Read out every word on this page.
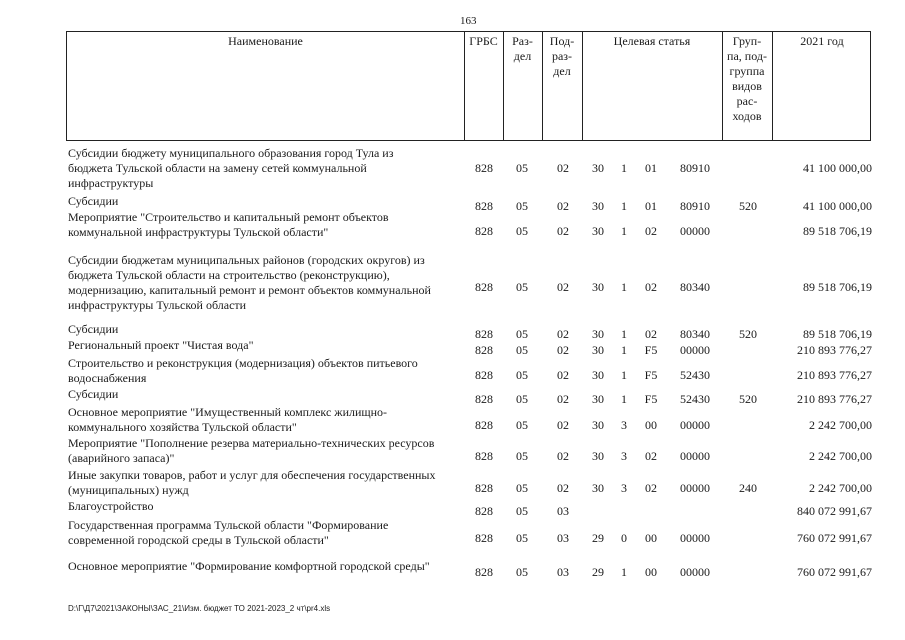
163
Наименование	ГРБС	Раз-
дел
Под-
раз-
дел
Целевая статья	Груп-
па, под-
группа
видов
рас-
ходов
2021 год
Субсидии бюджету муниципального образования город Тула из
бюджета Тульской области на замену сетей коммунальной
инфраструктуры
828	05	02	30	1	01	80910	41 100 000,00
Субсидии	828	05	02	30	1	01	80910	520	41 100 000,00
Мероприятие "Строительство и капитальный ремонт объектов
коммунальной инфраструктуры Тульской области"	828	05	02	30	1	02	00000	89 518 706,19
Субсидии бюджетам муниципальных районов (городских округов) из
бюджета Тульской области на строительство (реконструкцию),
модернизацию, капитальный ремонт и ремонт объектов коммунальной
инфраструктуры Тульской области
828	05	02	30	1	02	80340	89 518 706,19
Субсидии	828	05	02	30	1	02	80340	520	89 518 706,19
Региональный проект "Чистая вода"	828	05	02	30	1	F5	00000	210 893 776,27
Строительство и реконструкция (модернизация) объектов питьевого
водоснабжения	828	05	02	30	1	F5	52430	210 893 776,27
Субсидии	828	05	02	30	1	F5	52430	520	210 893 776,27
Основное мероприятие "Имущественный комплекс жилищно-
коммунального хозяйства Тульской области"	828	05	02	30	3	00	00000	2 242 700,00
Мероприятие "Пополнение резерва материально-технических ресурсов
(аварийного запаса)"	828	05	02	30	3	02	00000	2 242 700,00
Иные закупки товаров, работ и услуг для обеспечения государственных
(муниципальных) нужд	828	05	02	30	3	02	00000	240	2 242 700,00
Благоустройство	828	05	03	840 072 991,67
Государственная программа Тульской области "Формирование
современной городской среды в Тульской области"	828	05	03	29	0	00	00000	760 072 991,67
Основное мероприятие "Формирование комфортной городской среды"	828	05	03	29	1	00	00000	760 072 991,67
D:\Г\Д7\2021\ЗАКОНЫ\ЗАС_21\Изм. бюджет ТО 2021-2023_2 чт\pr4.xls
